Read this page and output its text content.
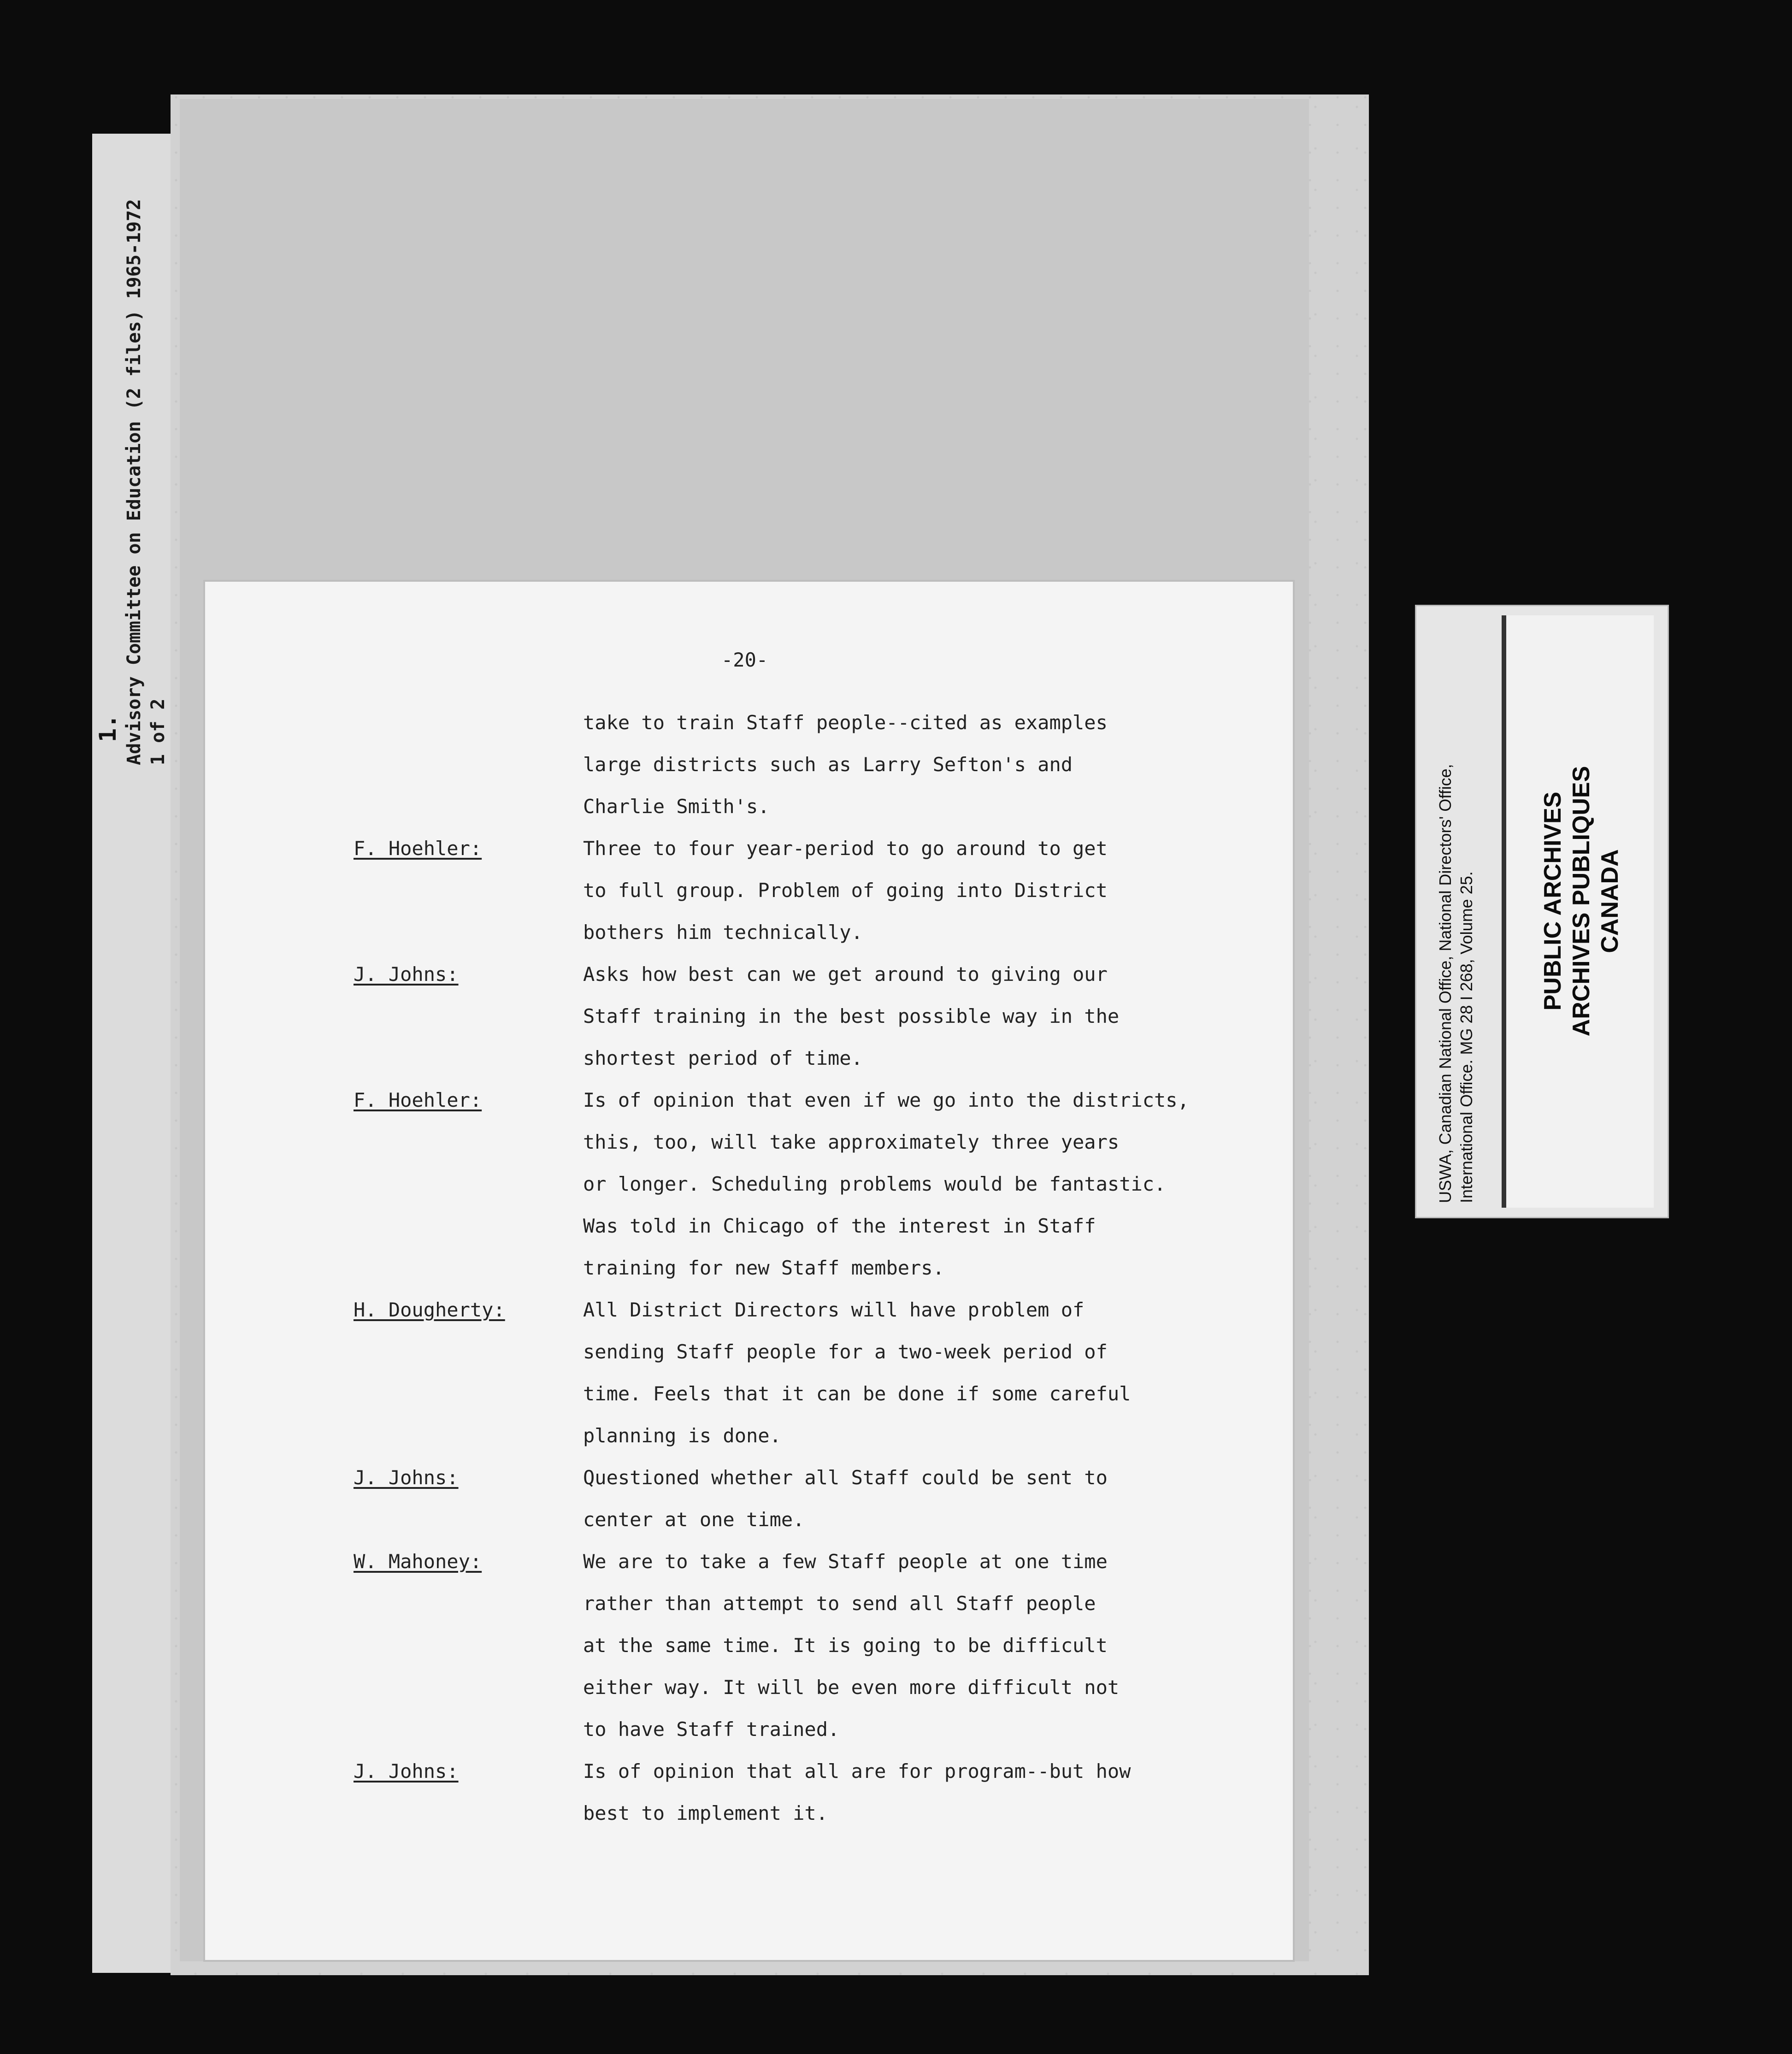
1. Advisory Committee on Education (2 files) 1965-1972 1 of 2
-20-
take to train Staff people--cited as examples
large districts such as Larry Sefton's and
Charlie Smith's.
F. Hoehler:	Three to four year-period to go around to get
to full group. Problem of going into District
bothers him technically.
J. Johns:	Asks how best can we get around to giving our
Staff training in the best possible way in the
shortest period of time.
F. Hoehler:	Is of opinion that even if we go into the districts,
this, too, will take approximately three years
or longer. Scheduling problems would be fantastic.
Was told in Chicago of the interest in Staff
training for new Staff members.
H. Dougherty:	All District Directors will have problem of
sending Staff people for a two-week period of
time. Feels that it can be done if some careful
planning is done.
J. Johns:	Questioned whether all Staff could be sent to
center at one time.
W. Mahoney:	We are to take a few Staff people at one time
rather than attempt to send all Staff people
at the same time. It is going to be difficult
either way. It will be even more difficult not
to have Staff trained.
J. Johns:	Is of opinion that all are for program--but how
best to implement it.
USWA, Canadian National Office, National Directors' Office, International Office. MG 28 I 268, Volume 25.	PUBLIC ARCHIVES ARCHIVES PUBLIQUES CANADA
